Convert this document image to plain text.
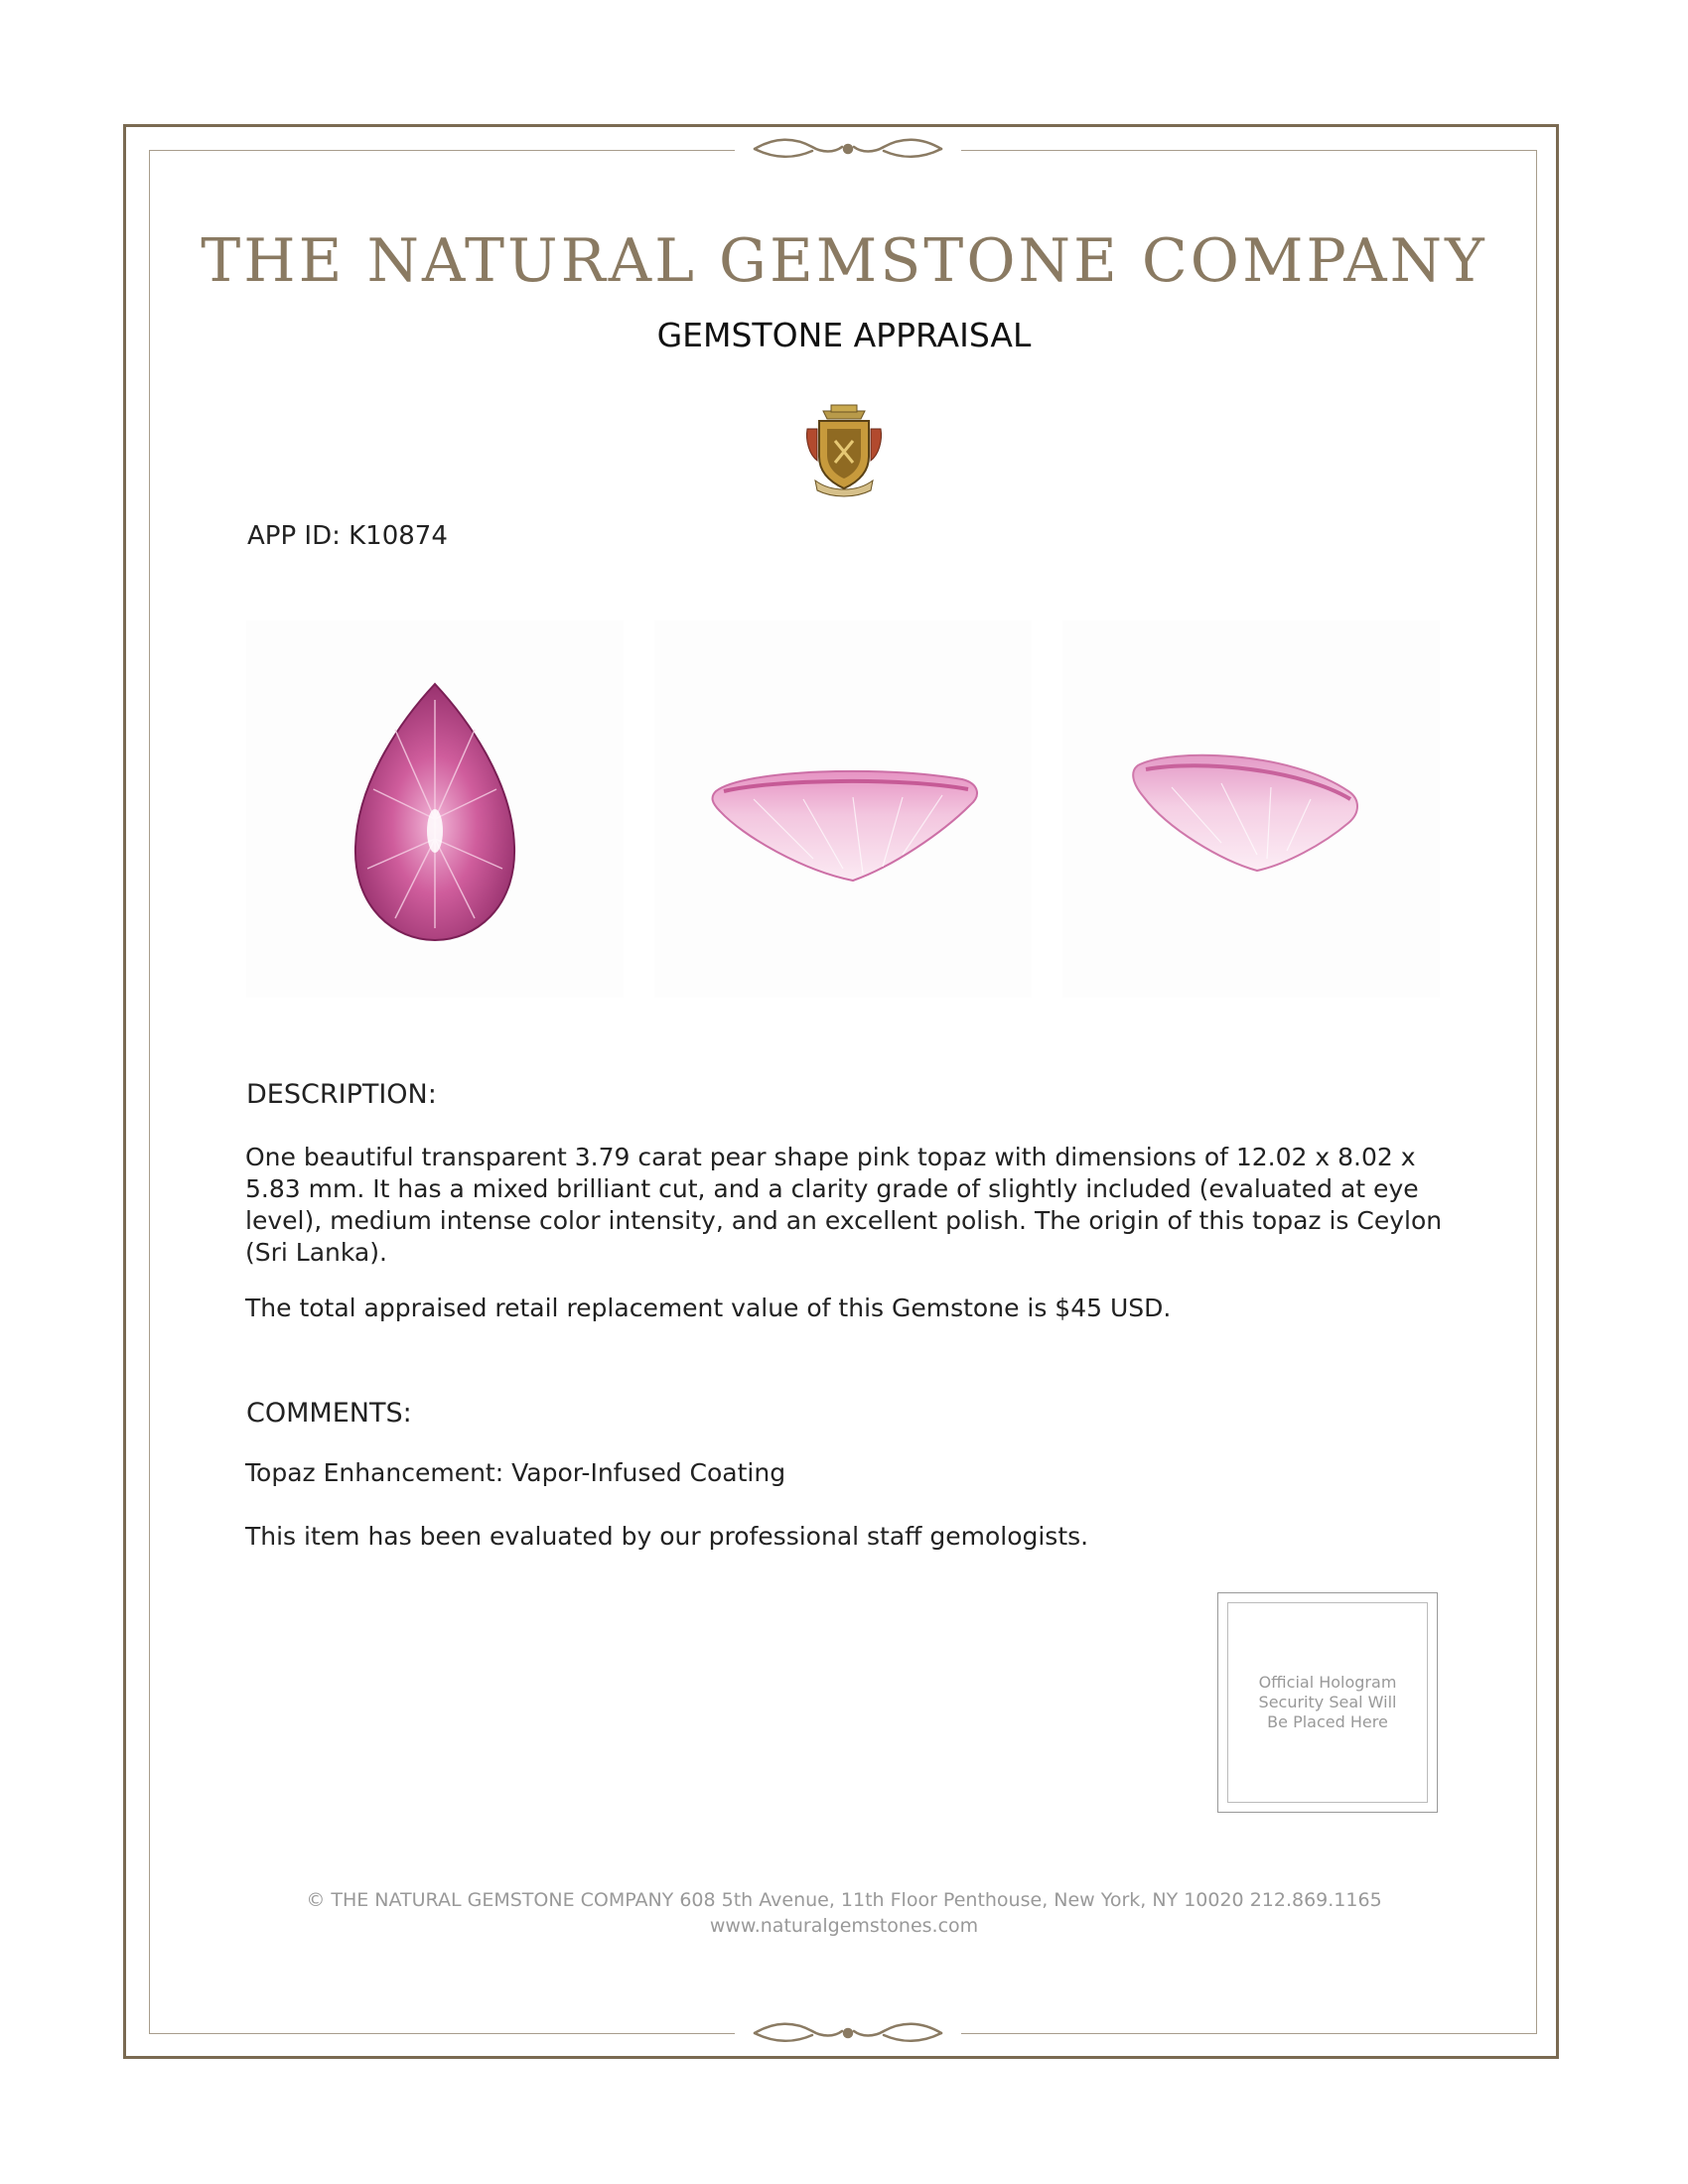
THE NATURAL GEMSTONE COMPANY
GEMSTONE APPRAISAL
APP ID: K10874
DESCRIPTION:
One beautiful transparent 3.79 carat pear shape pink topaz with dimensions of 12.02 x 8.02 x 5.83 mm. It has a mixed brilliant cut, and a clarity grade of slightly included (evaluated at eye level), medium intense color intensity, and an excellent polish. The origin of this topaz is Ceylon (Sri Lanka).
The total appraised retail replacement value of this Gemstone is $45 USD.
COMMENTS:
Topaz Enhancement: Vapor-Infused Coating
This item has been evaluated by our professional staff gemologists.
Official Hologram
Security Seal Will
Be Placed Here
© THE NATURAL GEMSTONE COMPANY 608 5th Avenue, 11th Floor Penthouse, New York, NY 10020 212.869.1165
www.naturalgemstones.com
